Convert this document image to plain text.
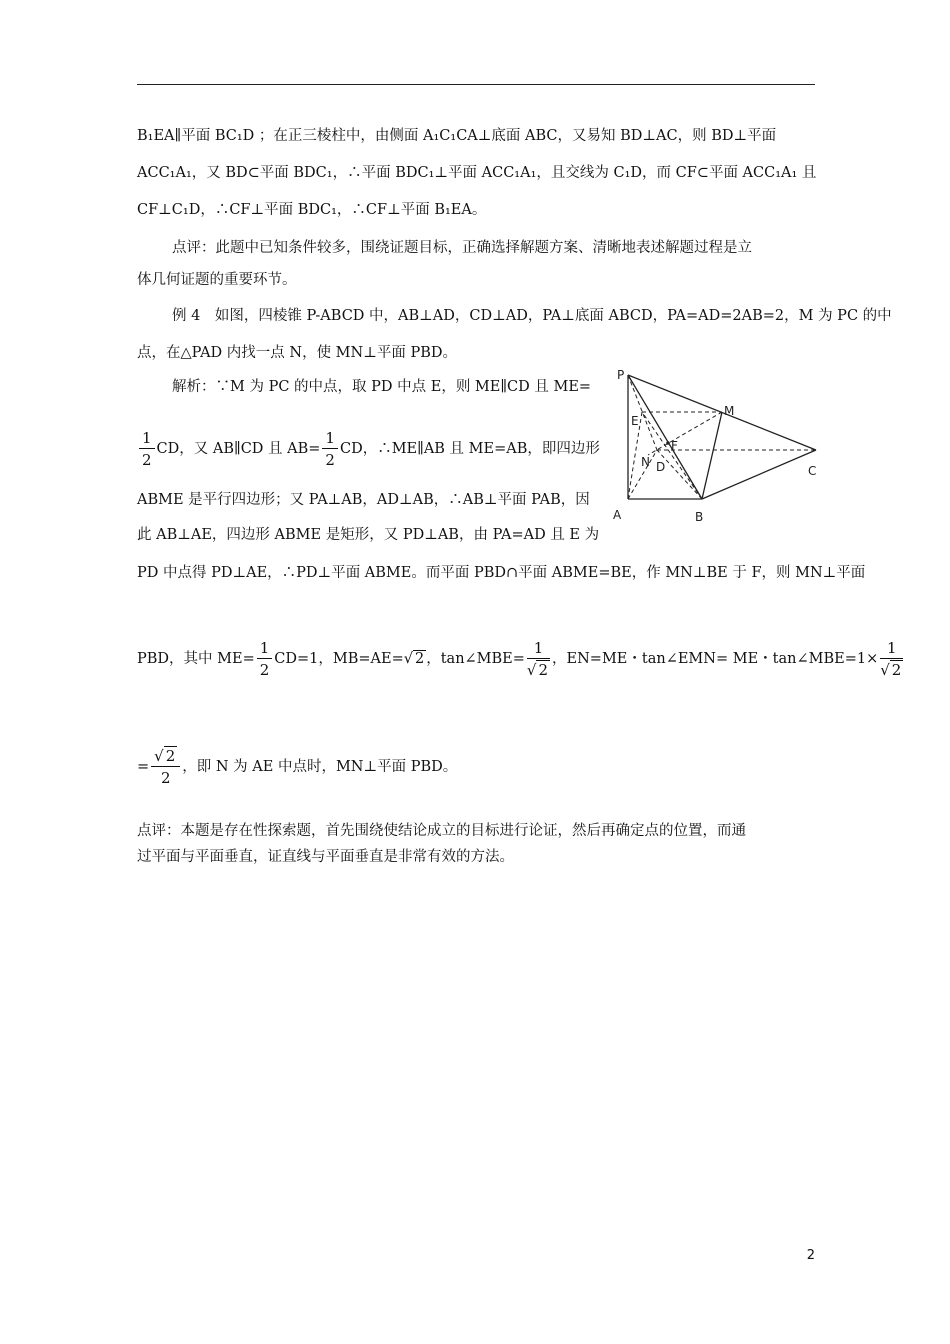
B₁EA∥平面 BC₁D ；在正三棱柱中，由侧面 A₁C₁CA⊥底面 ABC，又易知 BD⊥AC，则 BD⊥平面
ACC₁A₁，又 BD⊂平面 BDC₁，∴平面 BDC₁⊥平面 ACC₁A₁，且交线为 C₁D，而 CF⊂平面 ACC₁A₁ 且
CF⊥C₁D，∴CF⊥平面 BDC₁，∴CF⊥平面 B₁EA。
点评：此题中已知条件较多，围绕证题目标，正确选择解题方案、清晰地表述解题过程是立
体几何证题的重要环节。
例 4　如图，四棱锥 P-ABCD 中，AB⊥AD，CD⊥AD，PA⊥底面 ABCD，PA=AD=2AB=2，M 为 PC 的中
点，在△PAD 内找一点 N，使 MN⊥平面 PBD。
解析：∵M 为 PC 的中点，取 PD 中点 E，则 ME∥CD 且 ME=
$\frac{1}{2}$ CD，又 AB∥CD 且 $AB= \frac{1}{2}$ CD，∴ME∥AB 且 ME=AB，即四边形
ABME 是平行四边形；又 PA⊥AB，AD⊥AB，∴AB⊥平面 PAB，因
此 AB⊥AE，四边形 ABME 是矩形，又 PD⊥AB，由 PA=AD 且 E 为
PD 中点得 PD⊥AE，∴PD⊥平面 ABME。而平面 PBD∩平面 ABME=BE，作 MN⊥BE 于 F，则 MN⊥平面
PBD，其中 $ME= \frac{1}{2} CD=1$，MB=AE=√ 2 ，tan∠MBE= $\frac{1}{√ 2}$ ，EN=ME・tan∠EMN= ME・tan∠MBE=1× $\frac{1}{√ 2}$
= $\frac{√ 2}{2}$ ，即 N 为 AE 中点时，MN⊥平面 PBD。
点评：本题是存在性探索题，首先围绕使结论成立的目标进行论证，然后再确定点的位置，而通
过平面与平面垂直，证直线与平面垂直是非常有效的方法。
P
A	B
C
D
M
E
N
F
2
